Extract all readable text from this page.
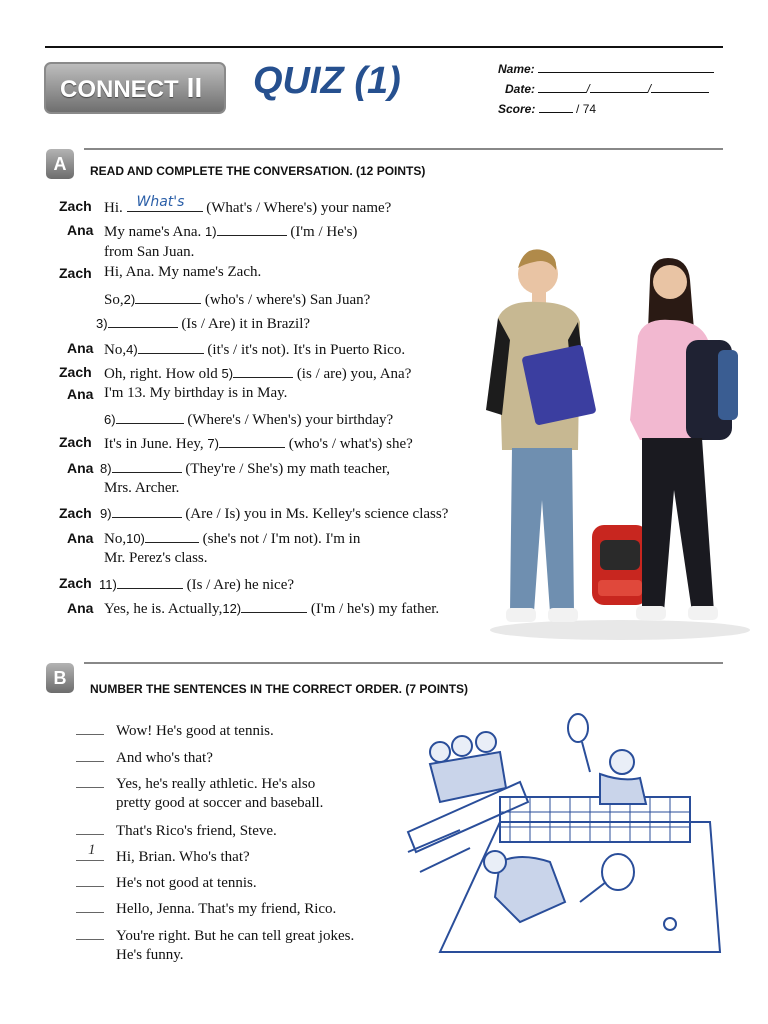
CONNECT II	QUIZ (1)	Name:
Date:	/	/
Score:	/ 74
A	READ AND COMPLETE THE CONVERSATION. (12 POINTS)
Zach Hi. What's (What's / Where's) your name?
Ana My name's Ana. 1)	(I'm / He's)
from San Juan.
Zach Hi, Ana. My name's Zach.
So,2)	(who's / where's) San Juan?
3)	(Is / Are) it in Brazil?
Ana No,4)	(it's / it's not). It's in Puerto Rico.
Zach Oh, right. How old 5)	(is / are) you, Ana?
Ana I'm 13. My birthday is in May.
6)	(Where's / When's) your birthday?
Zach It's in June. Hey, 7)	(who's / what's) she?
Ana 8)	(They're / She's) my math teacher,
Mrs. Archer.
Zach 9)	(Are / Is) you in Ms. Kelley's science class?
Ana No,10)	(she's not / I'm not). I'm in
Mr. Perez's class.
Zach 11)	(Is / Are) he nice?
Ana Yes, he is. Actually,12)	(I'm / he's) my father.
B
NUMBER THE SENTENCES IN THE CORRECT ORDER. (7 POINTS)
Wow! He's good at tennis.
And who's that?
Yes, he's really athletic. He's also
pretty good at soccer and baseball.
That's Rico's friend, Steve.
1 Hi, Brian. Who's that?
He's not good at tennis.
Hello, Jenna. That's my friend, Rico.
You're right. But he can tell great jokes.
He's funny.
